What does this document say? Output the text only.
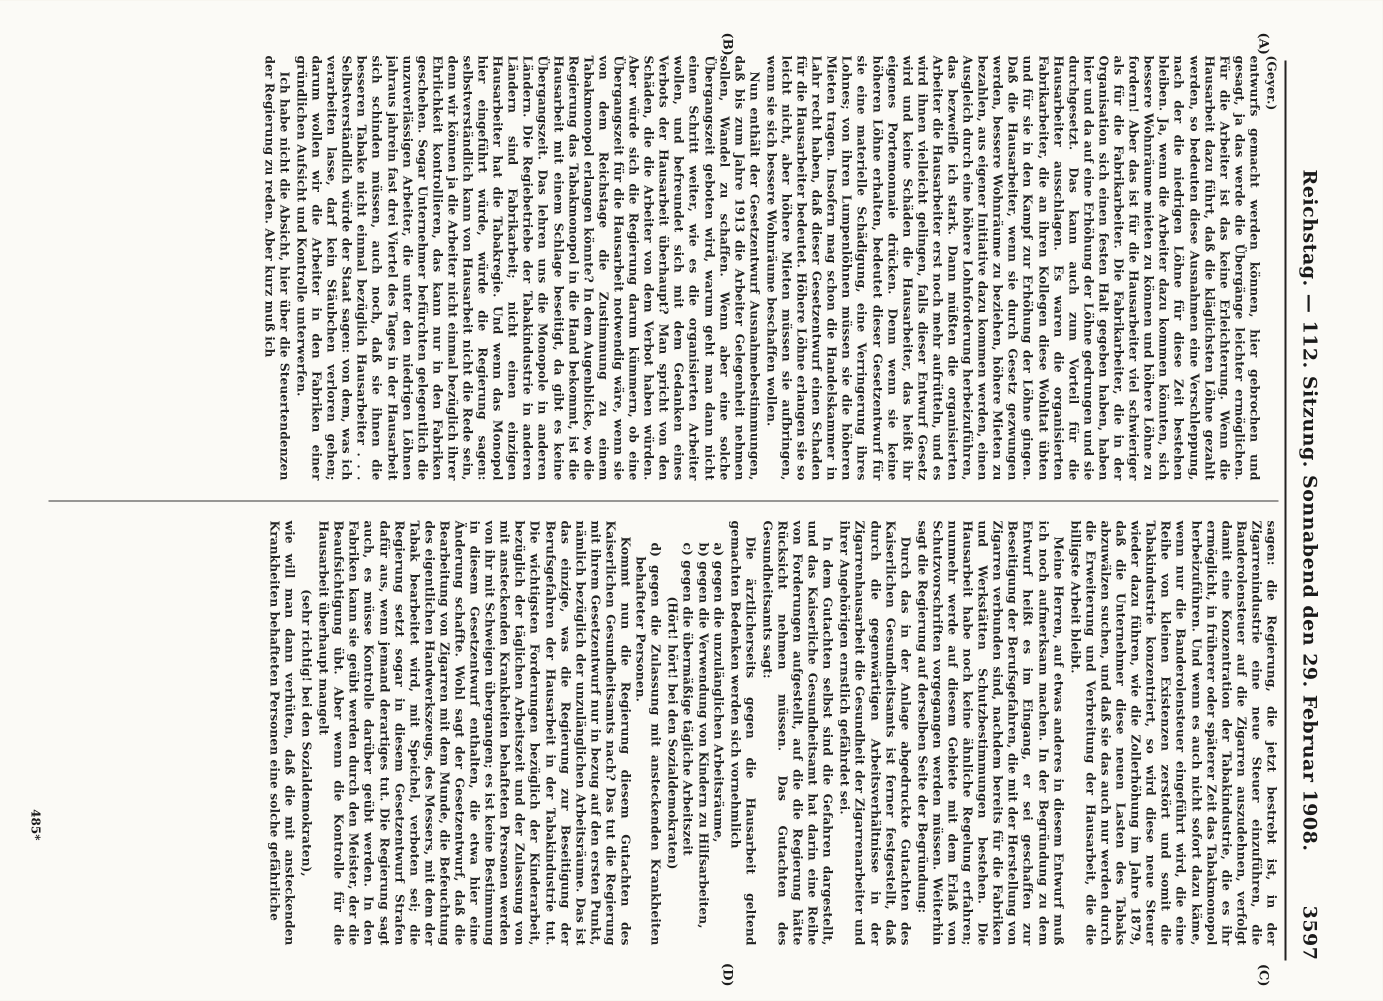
Reichstag. — 112. Sitzung. Sonnabend den 29. Februar 1908.
3597
(A)
(B)
(C)
(D)

(Geyer.)

entwurfs gemacht werden können, hier gebrochen und gesagt, ja das werde die Übergänge leichter ermöglichen. Für die Arbeiter ist das keine Erleichterung. Wenn die Hausarbeit dazu führt, daß die kläglichsten Löhne gezahlt werden, so bedeuten diese Ausnahmen eine Verschleppung, nach der die niedrigen Löhne für diese Zeit bestehen bleiben. Ja, wenn die Arbeiter dazu kommen könnten, sich bessere Wohnräume mieten zu können und höhere Löhne zu fordern! Aber das ist für die Hausarbeiter viel schwieriger als für die Fabrikarbeiter. Die Fabrikarbeiter, die in der Organisation sich einen festen Halt gegeben haben, haben hier und da auf eine Erhöhung der Löhne gedrungen und sie durchgesetzt. Das kann auch zum Vorteil für die Hausarbeiter ausschlagen. Es waren die organisierten Fabrikarbeiter, die an ihren Kollegen diese Wohltat übten und für sie in den Kampf zur Erhöhung der Löhne gingen. Daß die Hausarbeiter, wenn sie durch Gesetz gezwungen werden, bessere Wohnräume zu beziehen, höhere Mieten zu bezahlen, aus eigener Initiative dazu kommen werden, einen Ausgleich durch eine höhere Lohnforderung herbeizuführen, das bezweifle ich stark. Dann müßten die organisierten Arbeiter die Hausarbeiter erst noch mehr aufrütteln, und es wird ihnen vielleicht gelingen, falls dieser Entwurf Gesetz wird und keine Schäden die Hausarbeiter, das heißt ihr eigenes Portemonnaie drücken. Denn wenn sie keine höheren Löhne erhalten, bedeutet dieser Gesetzentwurf für sie eine materielle Schädigung, eine Verringerung ihres Lohnes; von ihren Lumpenlöhnen müssen sie die höheren Mieten tragen. Insofern mag schon die Handelskammer in Lahr recht haben, daß dieser Gesetzentwurf einen Schaden für die Hausarbeiter bedeutet. Höhere Löhne erlangen sie so leicht nicht, aber höhere Mieten müssen sie aufbringen, wenn sie sich bessere Wohnräume beschaffen wollen.

Nun enthält der Gesetzentwurf Ausnahmebestimmungen, daß bis zum Jahre 1913 die Arbeiter Gelegenheit nehmen sollen, Wandel zu schaffen. Wenn aber eine solche Übergangszeit geboten wird, warum geht man dann nicht einen Schritt weiter, wie es die organisierten Arbeiter wollen, und befreundet sich mit dem Gedanken eines Verbots der Hausarbeit überhaupt? Man spricht von den Schäden, die die Arbeiter von dem Verbot haben würden. Aber würde sich die Regierung darum kümmern, ob eine Übergangszeit für die Hausarbeit notwendig wäre, wenn sie von dem Reichstage die Zustimmung zu einem Tabakmonopol erlangen könnte? In dem Augenblicke, wo die Regierung das Tabakmonopol in die Hand bekommt, ist die Hausarbeit mit einem Schlage beseitigt, da gibt es keine Übergangszeit. Das lehren uns die Monopole in anderen Ländern. Die Regiebetriebe der Tabakindustrie in anderen Ländern sind Fabrikarbeit; nicht einen einzigen Hausarbeiter hat die Tabakregie. Und wenn das Monopol hier eingeführt würde, würde die Regierung sagen: selbstverständlich kann von Hausarbeit nicht die Rede sein, denn wir können ja die Arbeiter nicht einmal bezüglich ihrer Ehrlichkeit kontrollieren, das kann nur in den Fabriken geschehen. Sogar Unternehmer befürchten gelegentlich die unzuverlässigen Arbeiter, die unter den niedrigen Löhnen jahraus jahrein fast drei Viertel des Tages in der Hausarbeit sich schinden müssen, auch noch, daß sie ihnen die besseren Tabake nicht einmal bezüglich Hausarbeiter . . . Selbstverständlich würde der Staat sagen: von dem, was ich verarbeiten lasse, darf kein Stäubchen verloren gehen; darum wollen wir die Arbeiter in den Fabriken einer gründlichen Aufsicht und Kontrolle unterwerfen.

Ich habe nicht die Absicht, hier über die Steuertendenzen der Regierung zu reden. Aber kurz muß ich

sagen: die Regierung, die jetzt bestrebt ist, in der Zigarrenindustrie eine neue Steuer einzuführen, die Banderolensteuer auf die Zigarren auszudehnen, verfolgt damit eine Konzentration der Tabakindustrie, die es ihr ermöglicht, in früherer oder späterer Zeit das Tabakmonopol herbeizuführen. Und wenn es auch nicht sofort dazu käme, wenn nur die Banderolensteuer eingeführt wird, die eine Reihe von kleinen Existenzen zerstört und somit die Tabakindustrie konzentriert, so wird diese neue Steuer wieder dazu führen, wie die Zollerhöhung im Jahre 1879, daß die Unternehmer diese neuen Lasten des Tabaks abzuwälzen suchen, und daß sie das auch nur werden durch die Erweiterung und Verbreitung der Hausarbeit, die die billigste Arbeit bleibt.

Meine Herren, auf etwas anderes in diesem Entwurf muß ich noch aufmerksam machen. In der Begründung zu dem Entwurf heißt es im Eingang, er sei geschaffen zur Beseitigung der Berufsgefahren, die mit der Herstellung von Zigarren verbunden sind, nachdem bereits für die Fabriken und Werkstätten Schutzbestimmungen bestehen. Die Hausarbeit habe noch keine ähnliche Regelung erfahren; nunmehr werde auf diesem Gebiete mit dem Erlaß von Schutzvorschriften vorgegangen werden müssen. Weiterhin sagt die Regierung auf derselben Seite der Begründung:

Durch das in der Anlage abgedruckte Gutachten des Kaiserlichen Gesundheitsamts ist ferner festgestellt, daß durch die gegenwärtigen Arbeitsverhältnisse in der Zigarrenhausarbeit die Gesundheit der Zigarrenarbeiter und ihrer Angehörigen ernstlich gefährdet sei.

In dem Gutachten selbst sind die Gefahren dargestellt, und das Kaiserliche Gesundheitsamt hat darin eine Reihe von Forderungen aufgestellt, auf die die Regierung hätte Rücksicht nehmen müssen. Das Gutachten des Gesundheitsamts sagt:

Die ärztlicherseits gegen die Hausarbeit geltend gemachten Bedenken werden sich vornehmlich

a) gegen die unzulänglichen Arbeitsräume,

b) gegen die Verwendung von Kindern zu Hilfsarbeiten,

c) gegen die übermäßige tägliche Arbeitszeit

(Hört! hört! bei den Sozialdemokraten)

d) gegen die Zulassung mit ansteckenden Krankheiten behafteter Personen.

Kommt nun die Regierung diesem Gutachten des Kaiserlichen Gesundheitsamts nach? Das tut die Regierung mit ihrem Gesetzentwurf nur in bezug auf den ersten Punkt, nämlich bezüglich der unzulänglichen Arbeitsräume. Das ist das einzige, was die Regierung zur Beseitigung der Berufsgefahren der Hausarbeit in der Tabakindustrie tut. Die wichtigsten Forderungen bezüglich der Kinderarbeit, bezüglich der täglichen Arbeitszeit und der Zulassung von mit ansteckenden Krankheiten behafteten Personen werden von ihr mit Schweigen übergangen; es ist keine Bestimmung in diesem Gesetzentwurf enthalten, die etwa hier eine Änderung schaffte. Wohl sagt der Gesetzentwurf, daß die Bearbeitung von Zigarren mit dem Munde, die Befeuchtung des eigentlichen Handwerkszeugs, des Messers, mit dem der Tabak bearbeitet wird, mit Speichel, verboten sei; die Regierung setzt sogar in diesem Gesetzentwurf Strafen dafür aus, wenn jemand derartiges tut. Die Regierung sagt auch, es müsse Kontrolle darüber geübt werden. In den Fabriken kann sie geübt werden durch den Meister, der die Beaufsichtigung übt. Aber wenn die Kontrolle für die Hausarbeit überhaupt mangelt

(sehr richtig! bei den Sozialdemokraten),

wie will man dann verhüten, daß die mit ansteckenden Krankheiten behafteten Personen eine solche gefährliche

485*
